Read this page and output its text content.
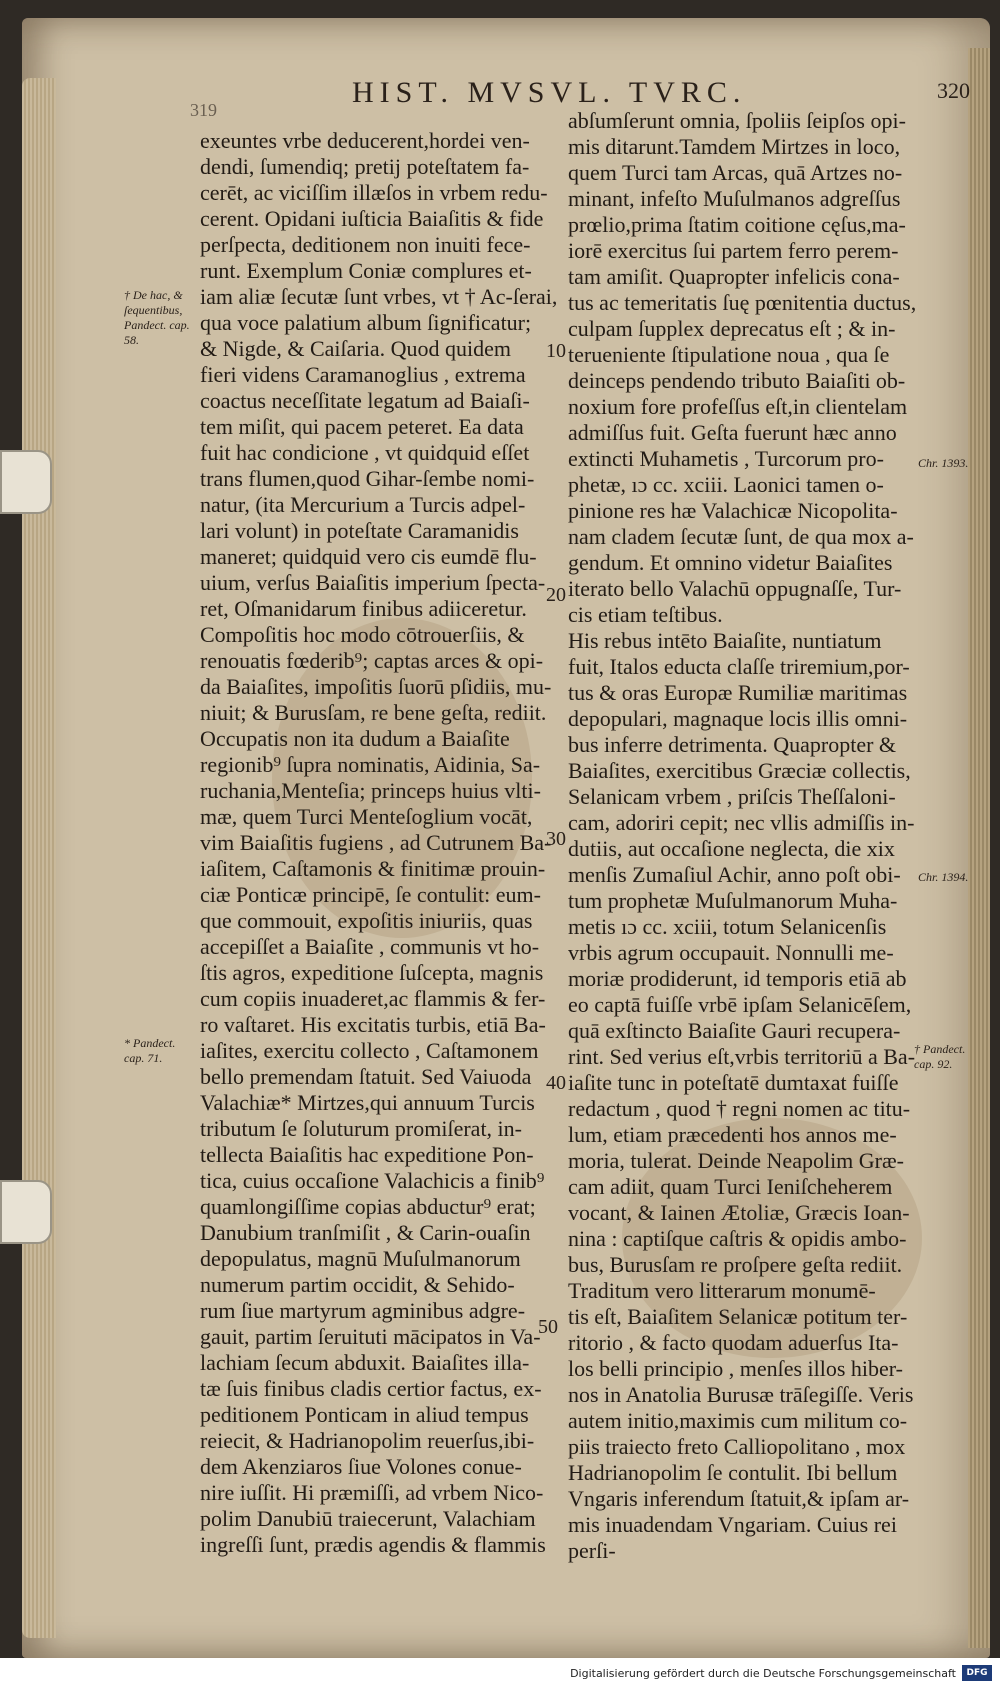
319
HIST. MVSVL. TVRC.	320
exeuntes vrbe deducerent,hordei ven-
dendi, ſumendiq; pretij poteſtatem fa-
cerēt, ac viciſſim illæſos in vrbem redu-
cerent. Opidani iuſticia Baiaſitis & fide
perſpecta, deditionem non inuiti fece-
runt. Exemplum Coniæ complures et-
iam aliæ ſecutæ ſunt vrbes, vt † Ac-ſerai,
qua voce palatium album ſignificatur;
& Nigde, & Caiſaria. Quod quidem
fieri videns Caramanoglius , extrema
coactus neceſſitate legatum ad Baiaſi-
tem miſit, qui pacem peteret. Ea data
fuit hac condicione , vt quidquid eſſet
trans flumen,quod Gihar-ſembe nomi-
natur, (ita Mercurium a Turcis adpel-
lari volunt) in poteſtate Caramanidis
maneret; quidquid vero cis eumdē flu-
uium, verſus Baiaſitis imperium ſpecta-
ret, Oſmanidarum finibus adiiceretur.
Compoſitis hoc modo cōtrouerſiis, &
renouatis fœderib⁹; captas arces & opi-
da Baiaſites, impoſitis ſuorū pſidiis, mu-
niuit; & Burusſam, re bene geſta, rediit.
Occupatis non ita dudum a Baiaſite
regionib⁹ ſupra nominatis, Aidinia, Sa-
ruchania,Menteſia; princeps huius vlti-
mæ, quem Turci Menteſoglium vocāt,
vim Baiaſitis fugiens , ad Cutrunem Ba-
iaſitem, Caſtamonis & finitimæ prouin-
ciæ Ponticæ principē, ſe contulit: eum-
que commouit, expoſitis iniuriis, quas
accepiſſet a Baiaſite , communis vt ho-
ſtis agros, expeditione ſuſcepta, magnis
cum copiis inuaderet,ac flammis & fer-
ro vaſtaret. His excitatis turbis, etiā Ba-
iaſites, exercitu collecto , Caſtamonem
bello premendam ſtatuit. Sed Vaiuoda
Valachiæ* Mirtzes,qui annuum Turcis
tributum ſe ſoluturum promiſerat, in-
tellecta Baiaſitis hac expeditione Pon-
tica, cuius occaſione Valachicis a finib⁹
quamlongiſſime copias abductur⁹ erat;
Danubium tranſmiſit , & Carin-ouaſin
depopulatus, magnū Muſulmanorum
numerum partim occidit, & Sehido-
rum ſiue martyrum agminibus adgre-
gauit, partim ſeruituti mācipatos in Va-
lachiam ſecum abduxit. Baiaſites illa-
tæ ſuis finibus cladis certior factus, ex-
peditionem Ponticam in aliud tempus
reiecit, & Hadrianopolim reuerſus,ibi-
dem Akenziaros ſiue Volones conue-
nire iuſſit. Hi præmiſſi, ad vrbem Nico-
polim Danubiū traiecerunt, Valachiam
ingreſſi ſunt, prædis agendis & flammis
abſumſerunt omnia, ſpoliis ſeipſos opi-
mis ditarunt.Tamdem Mirtzes in loco,
quem Turci tam Arcas, quā Artzes no-
minant, infeſto Muſulmanos adgreſſus
prœlio,prima ſtatim coitione cęſus,ma-
iorē exercitus ſui partem ferro perem-
tam amiſit. Quapropter infelicis cona-
tus ac temeritatis ſuę pœnitentia ductus,
culpam ſupplex deprecatus eſt ; & in-
terueniente ſtipulatione noua , qua ſe
deinceps pendendo tributo Baiaſiti ob-
noxium fore profeſſus eſt,in clientelam
admiſſus fuit. Geſta fuerunt hæc anno
extincti Muhametis , Turcorum pro-
phetæ, ıɔ cc. xciii. Laonici tamen o-
pinione res hæ Valachicæ Nicopolita-
nam cladem ſecutæ ſunt, de qua mox a-
gendum. Et omnino videtur Baiaſites
iterato bello Valachū oppugnaſſe, Tur-
cis etiam teſtibus.
His rebus intēto Baiaſite, nuntiatum
fuit, Italos educta claſſe triremium,por-
tus & oras Europæ Rumiliæ maritimas
depopulari, magnaque locis illis omni-
bus inferre detrimenta. Quapropter &
Baiaſites, exercitibus Græciæ collectis,
Selanicam vrbem , priſcis Theſſaloni-
cam, adoriri cepit; nec vllis admiſſis in-
dutiis, aut occaſione neglecta, die xix
menſis Zumaſiul Achir, anno poſt obi-
tum prophetæ Muſulmanorum Muha-
metis ıɔ cc. xciii, totum Selanicenſis
vrbis agrum occupauit. Nonnulli me-
moriæ prodiderunt, id temporis etiā ab
eo captā fuiſſe vrbē ipſam Selanicēſem,
quā exſtincto Baiaſite Gauri recupera-
rint. Sed verius eſt,vrbis territoriū a Ba-
iaſite tunc in poteſtatē dumtaxat fuiſſe
redactum , quod † regni nomen ac titu-
lum, etiam præcedenti hos annos me-
moria, tulerat. Deinde Neapolim Græ-
cam adiit, quam Turci Ieniſcheherem
vocant, & Iainen Ætoliæ, Græcis Ioan-
nina : captiſque caſtris & opidis ambo-
bus, Burusſam re proſpere geſta rediit.
Traditum vero litterarum monumē-
tis eſt, Baiaſitem Selanicæ potitum ter-
ritorio , & facto quodam aduerſus Ita-
los belli principio , menſes illos hiber-
nos in Anatolia Burusæ trāſegiſſe. Veris
autem initio,maximis cum militum co-
piis traiecto freto Calliopolitano , mox
Hadrianopolim ſe contulit. Ibi bellum
Vngaris inferendum ſtatuit,& ipſam ar-
mis inuadendam Vngariam. Cuius rei
perſi-
10
20
30
40
50
† De hac, & ſequentibus, Pandect. cap. 58.
* Pandect. cap. 71.
Chr. 1393.
Chr. 1394.
† Pandect. cap. 92.
Digitalisierung gefördert durch die Deutsche Forschungsgemeinschaft	DFG
